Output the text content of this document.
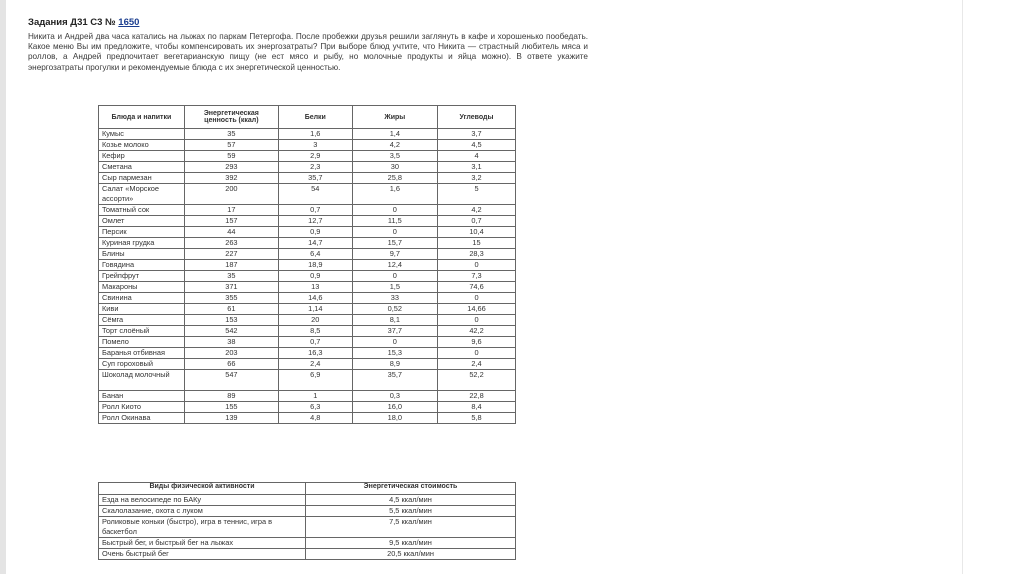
Задания Д31 C3 № 1650
Никита и Андрей два часа катались на лыжах по паркам Петергофа. После пробежки друзья решили заглянуть в кафе и хорошенько пообедать. Какое меню Вы им предложите, чтобы компенсировать их энергозатраты? При выборе блюд учтите, что Никита — страстный любитель мяса и роллов, а Андрей предпочитает вегетарианскую пищу (не ест мясо и рыбу, но молочные продукты и яйца можно). В ответе укажите энергозатраты прогулки и рекомендуемые блюда с их энергетической ценностью.
Блюда и напитки	Энергетическая ценность (ккал)	Белки	Жиры	Углеводы
Кумыс	35	1,6	1,4	3,7
Козье молоко	57	3	4,2	4,5
Кефир	59	2,9	3,5	4
Сметана	293	2,3	30	3,1
Сыр пармезан	392	35,7	25,8	3,2
Салат «Морское ассорти»	200	54	1,6	5
Томатный сок	17	0,7	0	4,2
Омлет	157	12,7	11,5	0,7
Персик	44	0,9	0	10,4
Куриная грудка	263	14,7	15,7	15
Блины	227	6,4	9,7	28,3
Говядина	187	18,9	12,4	0
Грейпфрут	35	0,9	0	7,3
Макароны	371	13	1,5	74,6
Свинина	355	14,6	33	0
Киви	61	1,14	0,52	14,66
Сёмга	153	20	8,1	0
Торт слоёный	542	8,5	37,7	42,2
Помело	38	0,7	0	9,6
Баранья отбивная	203	16,3	15,3	0
Суп гороховый	66	2,4	8,9	2,4
Шоколад молочный	547	6,9	35,7	52,2
Банан	89	1	0,3	22,8
Ролл Киото	155	6,3	16,0	8,4
Ролл Окинава	139	4,8	18,0	5,8
Виды физической активности	Энергетическая стоимость
Езда на велосипеде по БАКу	4,5 ккал/мин
Скалолазание, охота с луком	5,5 ккал/мин
Роликовые коньки (быстро), игра в теннис, игра в баскетбол	7,5 ккал/мин
Быстрый бег, и быстрый бег на лыжах	9,5 ккал/мин
Очень быстрый бег	20,5 ккал/мин
